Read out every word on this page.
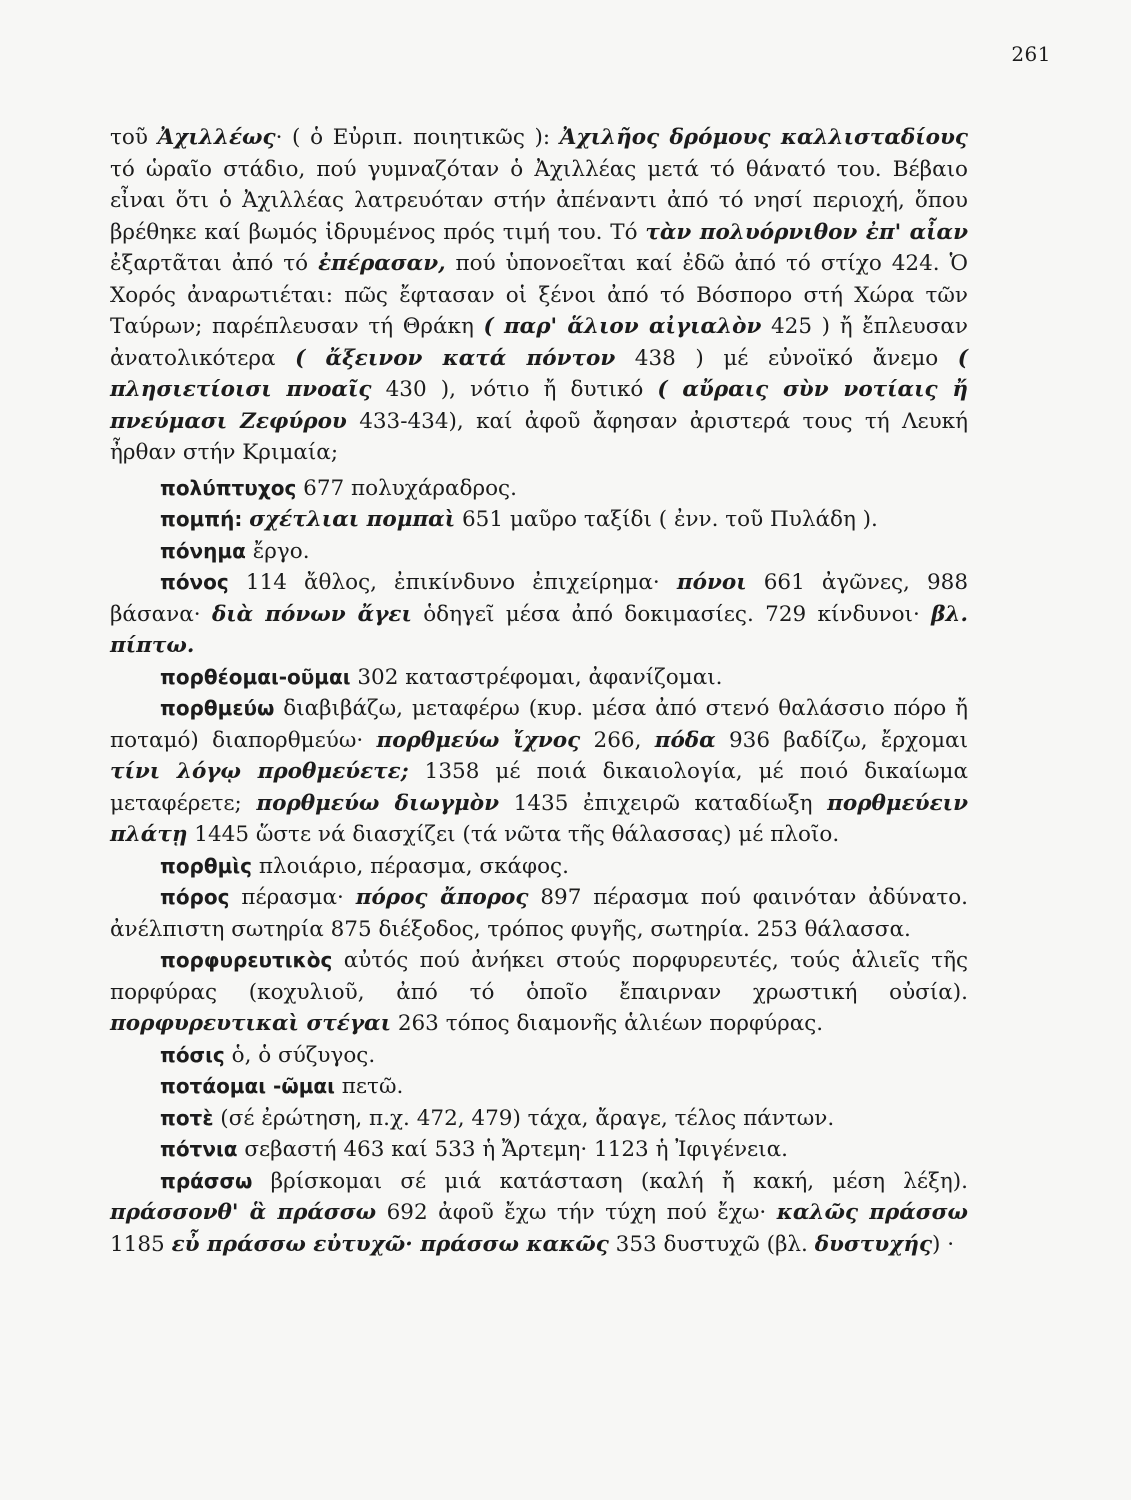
261

τοῦ Ἀχιλλέως· ( ὁ Εὐριπ. ποιητικῶς ): Ἀχιλῆος δρόμους καλλισταδίους τό ὡραῖο στάδιο, πού γυμναζόταν ὁ Ἀχιλλέας μετά τό θάνατό του. Βέβαιο εἶναι ὅτι ὁ Ἀχιλλέας λατρευόταν στήν ἀπέναντι ἀπό τό νησί περιοχή, ὅπου βρέθηκε καί βωμός ἱδρυμένος πρός τιμή του. Τό τὰν πολυόρνιθον ἐπ' αἶαν ἐξαρτᾶται ἀπό τό ἐπέρασαν, πού ὑπονοεῖται καί ἐδῶ ἀπό τό στίχο 424. Ὁ Χορός ἀναρωτιέται: πῶς ἔφτασαν οἱ ξένοι ἀπό τό Βόσπορο στή Χώρα τῶν Ταύρων; παρέπλευσαν τή Θράκη ( παρ' ἅλιον αἰγιαλὸν 425 ) ἤ ἔπλευσαν ἀνατολικότερα ( ἄξεινον κατά πόντον 438 ) μέ εὐνοϊκό ἄνεμο ( πλησιετίοισι πνοαῖς 430 ), νότιο ἤ δυτικό ( αὔραις σὺν νοτίαις ἤ πνεύμασι Ζεφύρου 433-434), καί ἀφοῦ ἄφησαν ἀριστερά τους τή Λευκή ἦρθαν στήν Κριμαία;

πολύπτυχος 677 πολυχάραδρος.

πομπή: σχέτλιαι πομπαὶ 651 μαῦρο ταξίδι ( ἐνν. τοῦ Πυλάδη ).

πόνημα ἔργο.

πόνος 114 ἄθλος, ἐπικίνδυνο ἐπιχείρημα· πόνοι 661 ἀγῶνες, 988 βάσανα· διὰ πόνων ἄγει ὁδηγεῖ μέσα ἀπό δοκιμασίες. 729 κίνδυνοι· βλ. πίπτω.

πορθέομαι-οῦμαι 302 καταστρέφομαι, ἀφανίζομαι.

πορθμεύω διαβιβάζω, μεταφέρω (κυρ. μέσα ἀπό στενό θαλάσσιο πόρο ἤ ποταμό) διαπορθμεύω· πορθμεύω ἴχνος 266, πόδα 936 βαδίζω, ἔρχομαι τίνι λόγῳ προθμεύετε; 1358 μέ ποιά δικαιολογία, μέ ποιό δικαίωμα μεταφέρετε; πορθμεύω διωγμὸν 1435 ἐπιχειρῶ καταδίωξη πορθμεύειν πλάτῃ 1445 ὥστε νά διασχίζει (τά νῶτα τῆς θάλασσας) μέ πλοῖο.

πορθμὶς πλοιάριο, πέρασμα, σκάφος.

πόρος πέρασμα· πόρος ἄπορος 897 πέρασμα πού φαινόταν ἀδύνατο. ἀνέλπιστη σωτηρία 875 διέξοδος, τρόπος φυγῆς, σωτηρία. 253 θάλασσα.

πορφυρευτικὸς αὐτός πού ἀνήκει στούς πορφυρευτές, τούς ἁλιεῖς τῆς πορφύρας (κοχυλιοῦ, ἀπό τό ὁποῖο ἔπαιρναν χρωστική οὐσία). πορφυρευτικαὶ στέγαι 263 τόπος διαμονῆς ἁλιέων πορφύρας.

πόσις ὁ, ὁ σύζυγος.

ποτάομαι -ῶμαι πετῶ.

ποτὲ (σέ ἐρώτηση, π.χ. 472, 479) τάχα, ἄραγε, τέλος πάντων.

πότνια σεβαστή 463 καί 533 ἡ Ἄρτεμη· 1123 ἡ Ἰφιγένεια.

πράσσω βρίσκομαι σέ μιά κατάσταση (καλή ἤ κακή, μέση λέξη). πράσσονθ' ἃ πράσσω 692 ἀφοῦ ἔχω τήν τύχη πού ἔχω· καλῶς πράσσω 1185 εὖ πράσσω εὐτυχῶ· πράσσω κακῶς 353 δυστυχῶ (βλ. δυστυχής) ·
